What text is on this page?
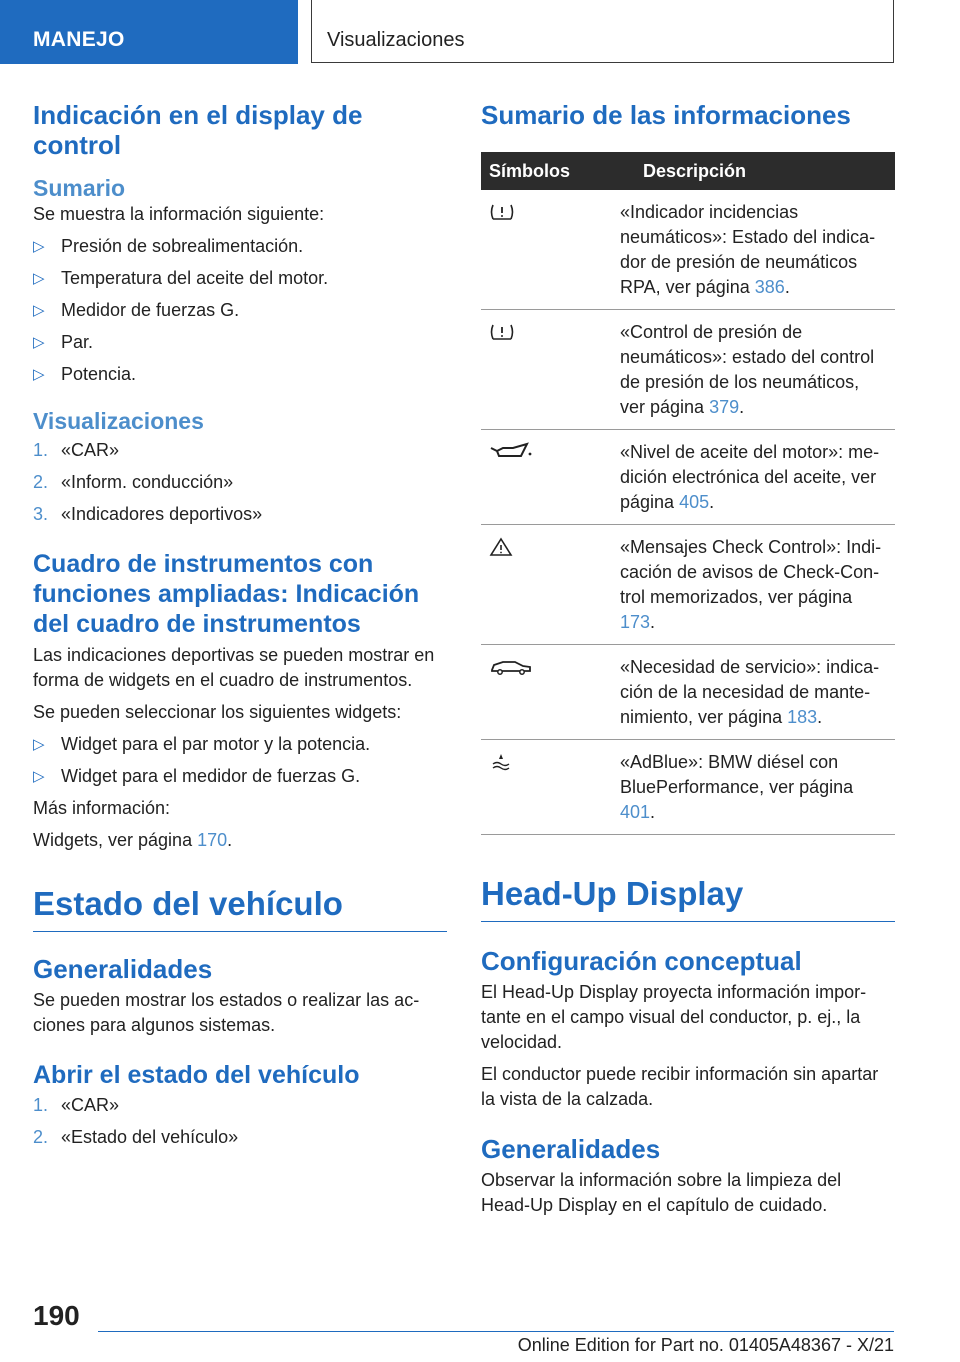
MANEJO	Visualizaciones
Indicación en el display de control
Sumario

Se muestra la información siguiente:

▷ Presión de sobrealimentación.
▷ Temperatura del aceite del motor.
▷ Medidor de fuerzas G.
▷ Par.
▷ Potencia.
Visualizaciones
1. «CAR»
2. «Inform. conducción»
3. «Indicadores deportivos»
Cuadro de instrumentos con funciones ampliadas: Indicación del cuadro de instrumentos

Las indicaciones deportivas se pueden mostrar en forma de widgets en el cuadro de instrumentos.

Se pueden seleccionar los siguientes widgets:

▷ Widget para el par motor y la potencia.
▷ Widget para el medidor de fuerzas G.

Más información:

Widgets, ver página 170.

Estado del vehículo
Generalidades

Se pueden mostrar los estados o realizar las acciones para algunos sistemas.

Abrir el estado del vehículo
1. «CAR»
2. «Estado del vehículo»
Sumario de las informaciones
Símbolos	Descripción

	«Indicador incidencias neumáticos»: Estado del indicador de presión de neumáticos RPA, ver página 386.

	«Control de presión de neumáticos»: estado del control de presión de los neumáticos, ver página 379.

	«Nivel de aceite del motor»: medición electrónica del aceite, ver página 405.

	«Mensajes Check Control»: Indicación de avisos de Check-Control memorizados, ver página 173.

	«Necesidad de servicio»: indicación de la necesidad de mantenimiento, ver página 183.

	«AdBlue»: BMW diésel con BluePerformance, ver página 401.
Head-Up Display
Configuración conceptual

El Head-Up Display proyecta información importante en el campo visual del conductor, p. ej., la velocidad.

El conductor puede recibir información sin apartar la vista de la calzada.

Generalidades

Observar la información sobre la limpieza del Head-Up Display en el capítulo de cuidado.

190
Online Edition for Part no. 01405A48367 - X/21
